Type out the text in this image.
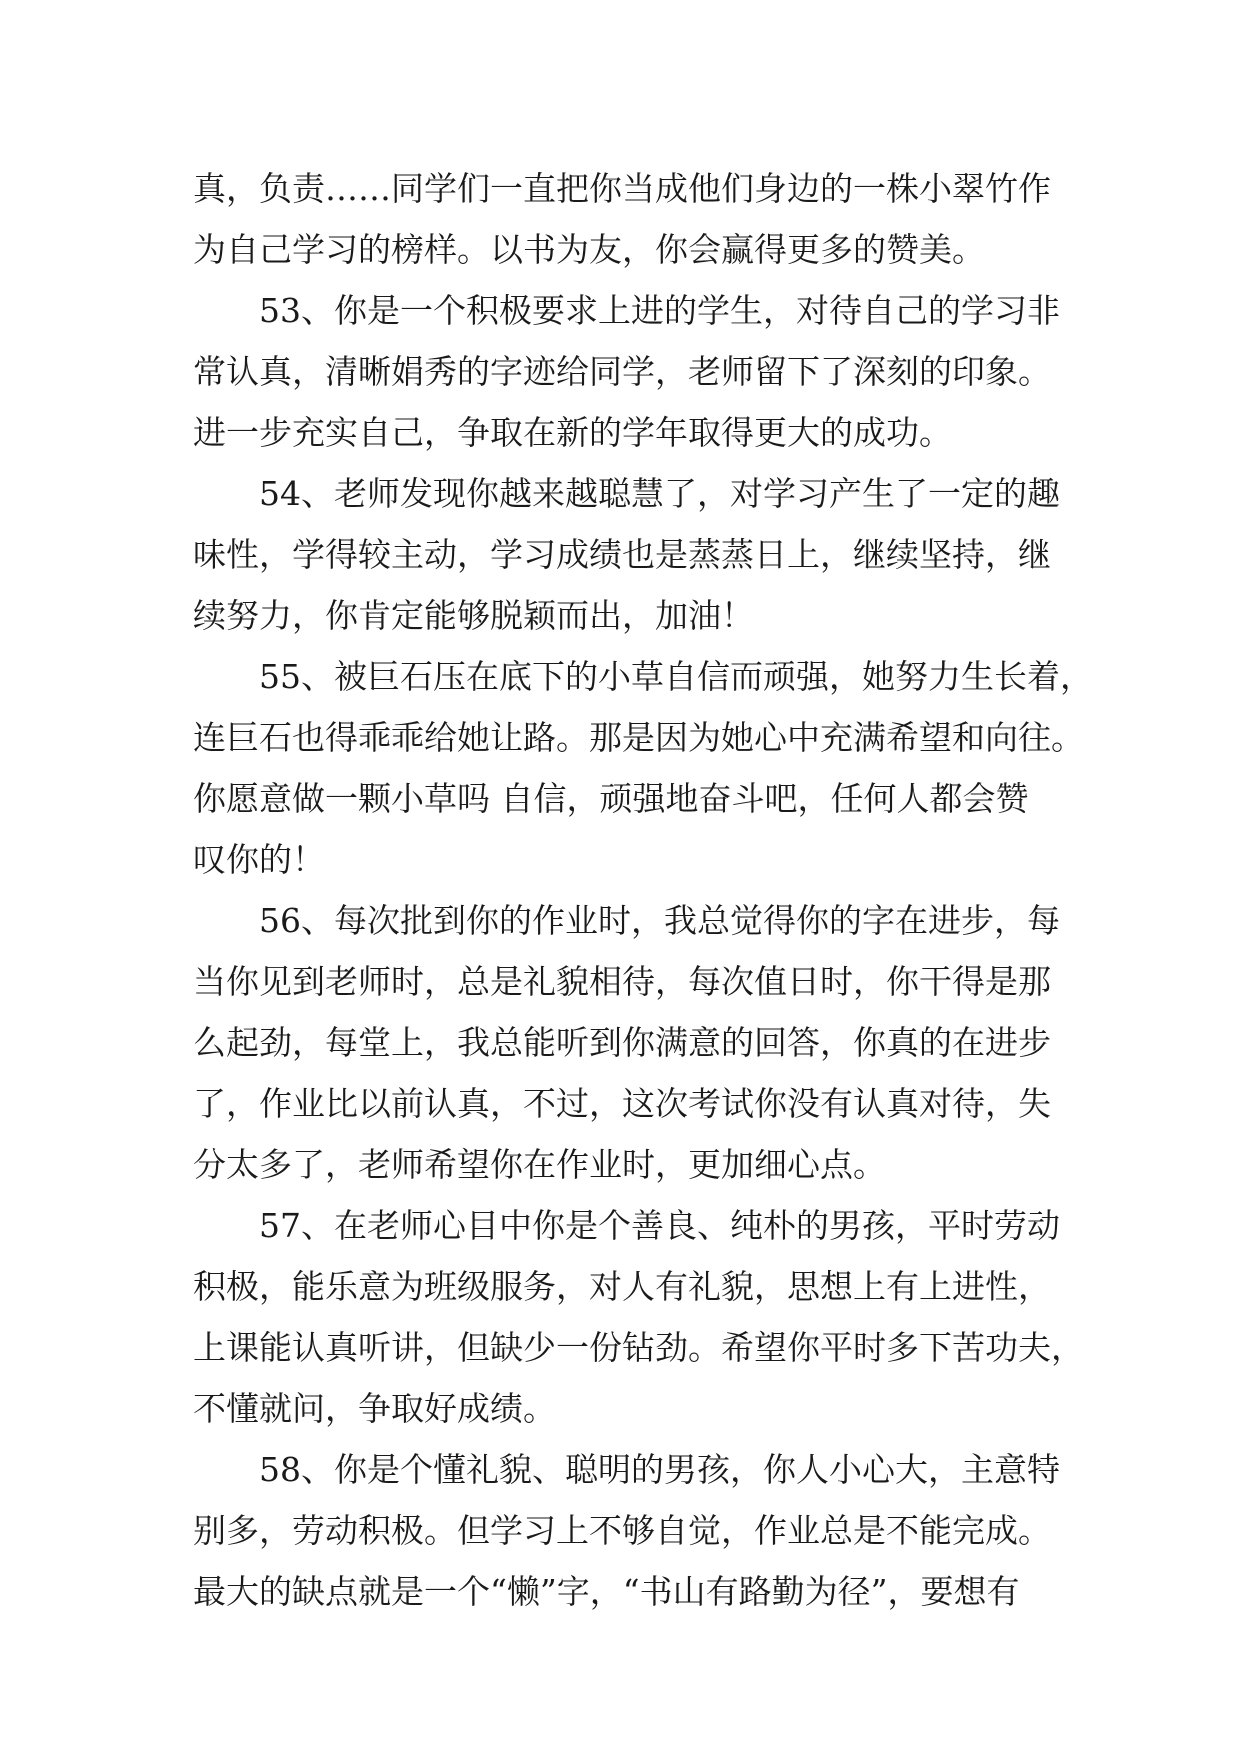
真，负责……同学们一直把你当成他们身边的一株小翠竹作
为自己学习的榜样。以书为友，你会赢得更多的赞美。
53、你是一个积极要求上进的学生，对待自己的学习非
常认真，清晰娟秀的字迹给同学，老师留下了深刻的印象。
进一步充实自己，争取在新的学年取得更大的成功。
54、老师发现你越来越聪慧了，对学习产生了一定的趣
味性，学得较主动，学习成绩也是蒸蒸日上，继续坚持，继
续努力，你肯定能够脱颖而出，加油！
55、被巨石压在底下的小草自信而顽强，她努力生长着，
连巨石也得乖乖给她让路。那是因为她心中充满希望和向往。
你愿意做一颗小草吗 自信，顽强地奋斗吧，任何人都会赞
叹你的！
56、每次批到你的作业时，我总觉得你的字在进步，每
当你见到老师时，总是礼貌相待，每次值日时，你干得是那
么起劲，每堂上，我总能听到你满意的回答，你真的在进步
了，作业比以前认真，不过，这次考试你没有认真对待，失
分太多了，老师希望你在作业时，更加细心点。
57、在老师心目中你是个善良、纯朴的男孩，平时劳动
积极，能乐意为班级服务，对人有礼貌，思想上有上进性，
上课能认真听讲，但缺少一份钻劲。希望你平时多下苦功夫，
不懂就问，争取好成绩。
58、你是个懂礼貌、聪明的男孩，你人小心大，主意特
别多，劳动积极。但学习上不够自觉，作业总是不能完成。
最大的缺点就是一个“懒”字，“书山有路勤为径”，要想有
